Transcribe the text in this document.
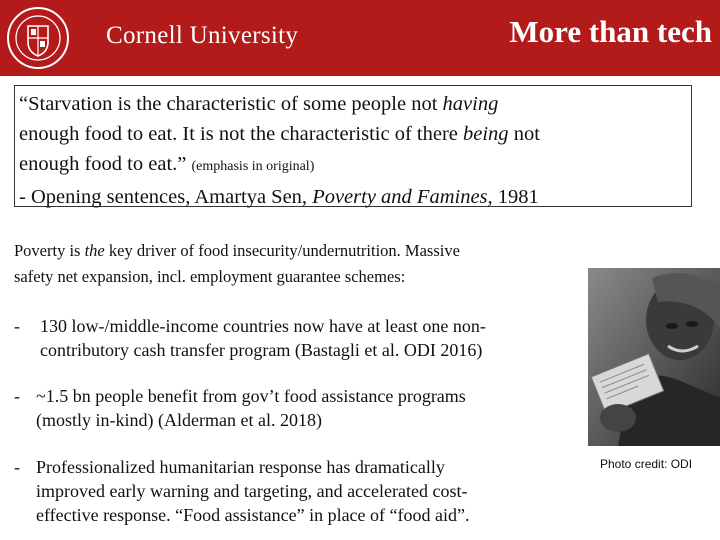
Cornell University	More than tech
“Starvation is the characteristic of some people not having
enough food to eat. It is not the characteristic of there being not
enough food to eat.” (emphasis in original)
- Opening sentences, Amartya Sen, Poverty and Famines, 1981
Poverty is the key driver of food insecurity/undernutrition. Massive
safety net expansion, incl. employment guarantee schemes:
- 130 low-/middle-income countries now have at least one non-
contributory cash transfer program (Bastagli et al. ODI 2016)
- ~1.5 bn people benefit from gov’t food assistance programs
(mostly in-kind) (Alderman et al. 2018)
- Professionalized humanitarian response has dramatically
improved early warning and targeting, and accelerated cost-
effective response. “Food assistance” in place of “food aid”.
Photo credit: ODI
